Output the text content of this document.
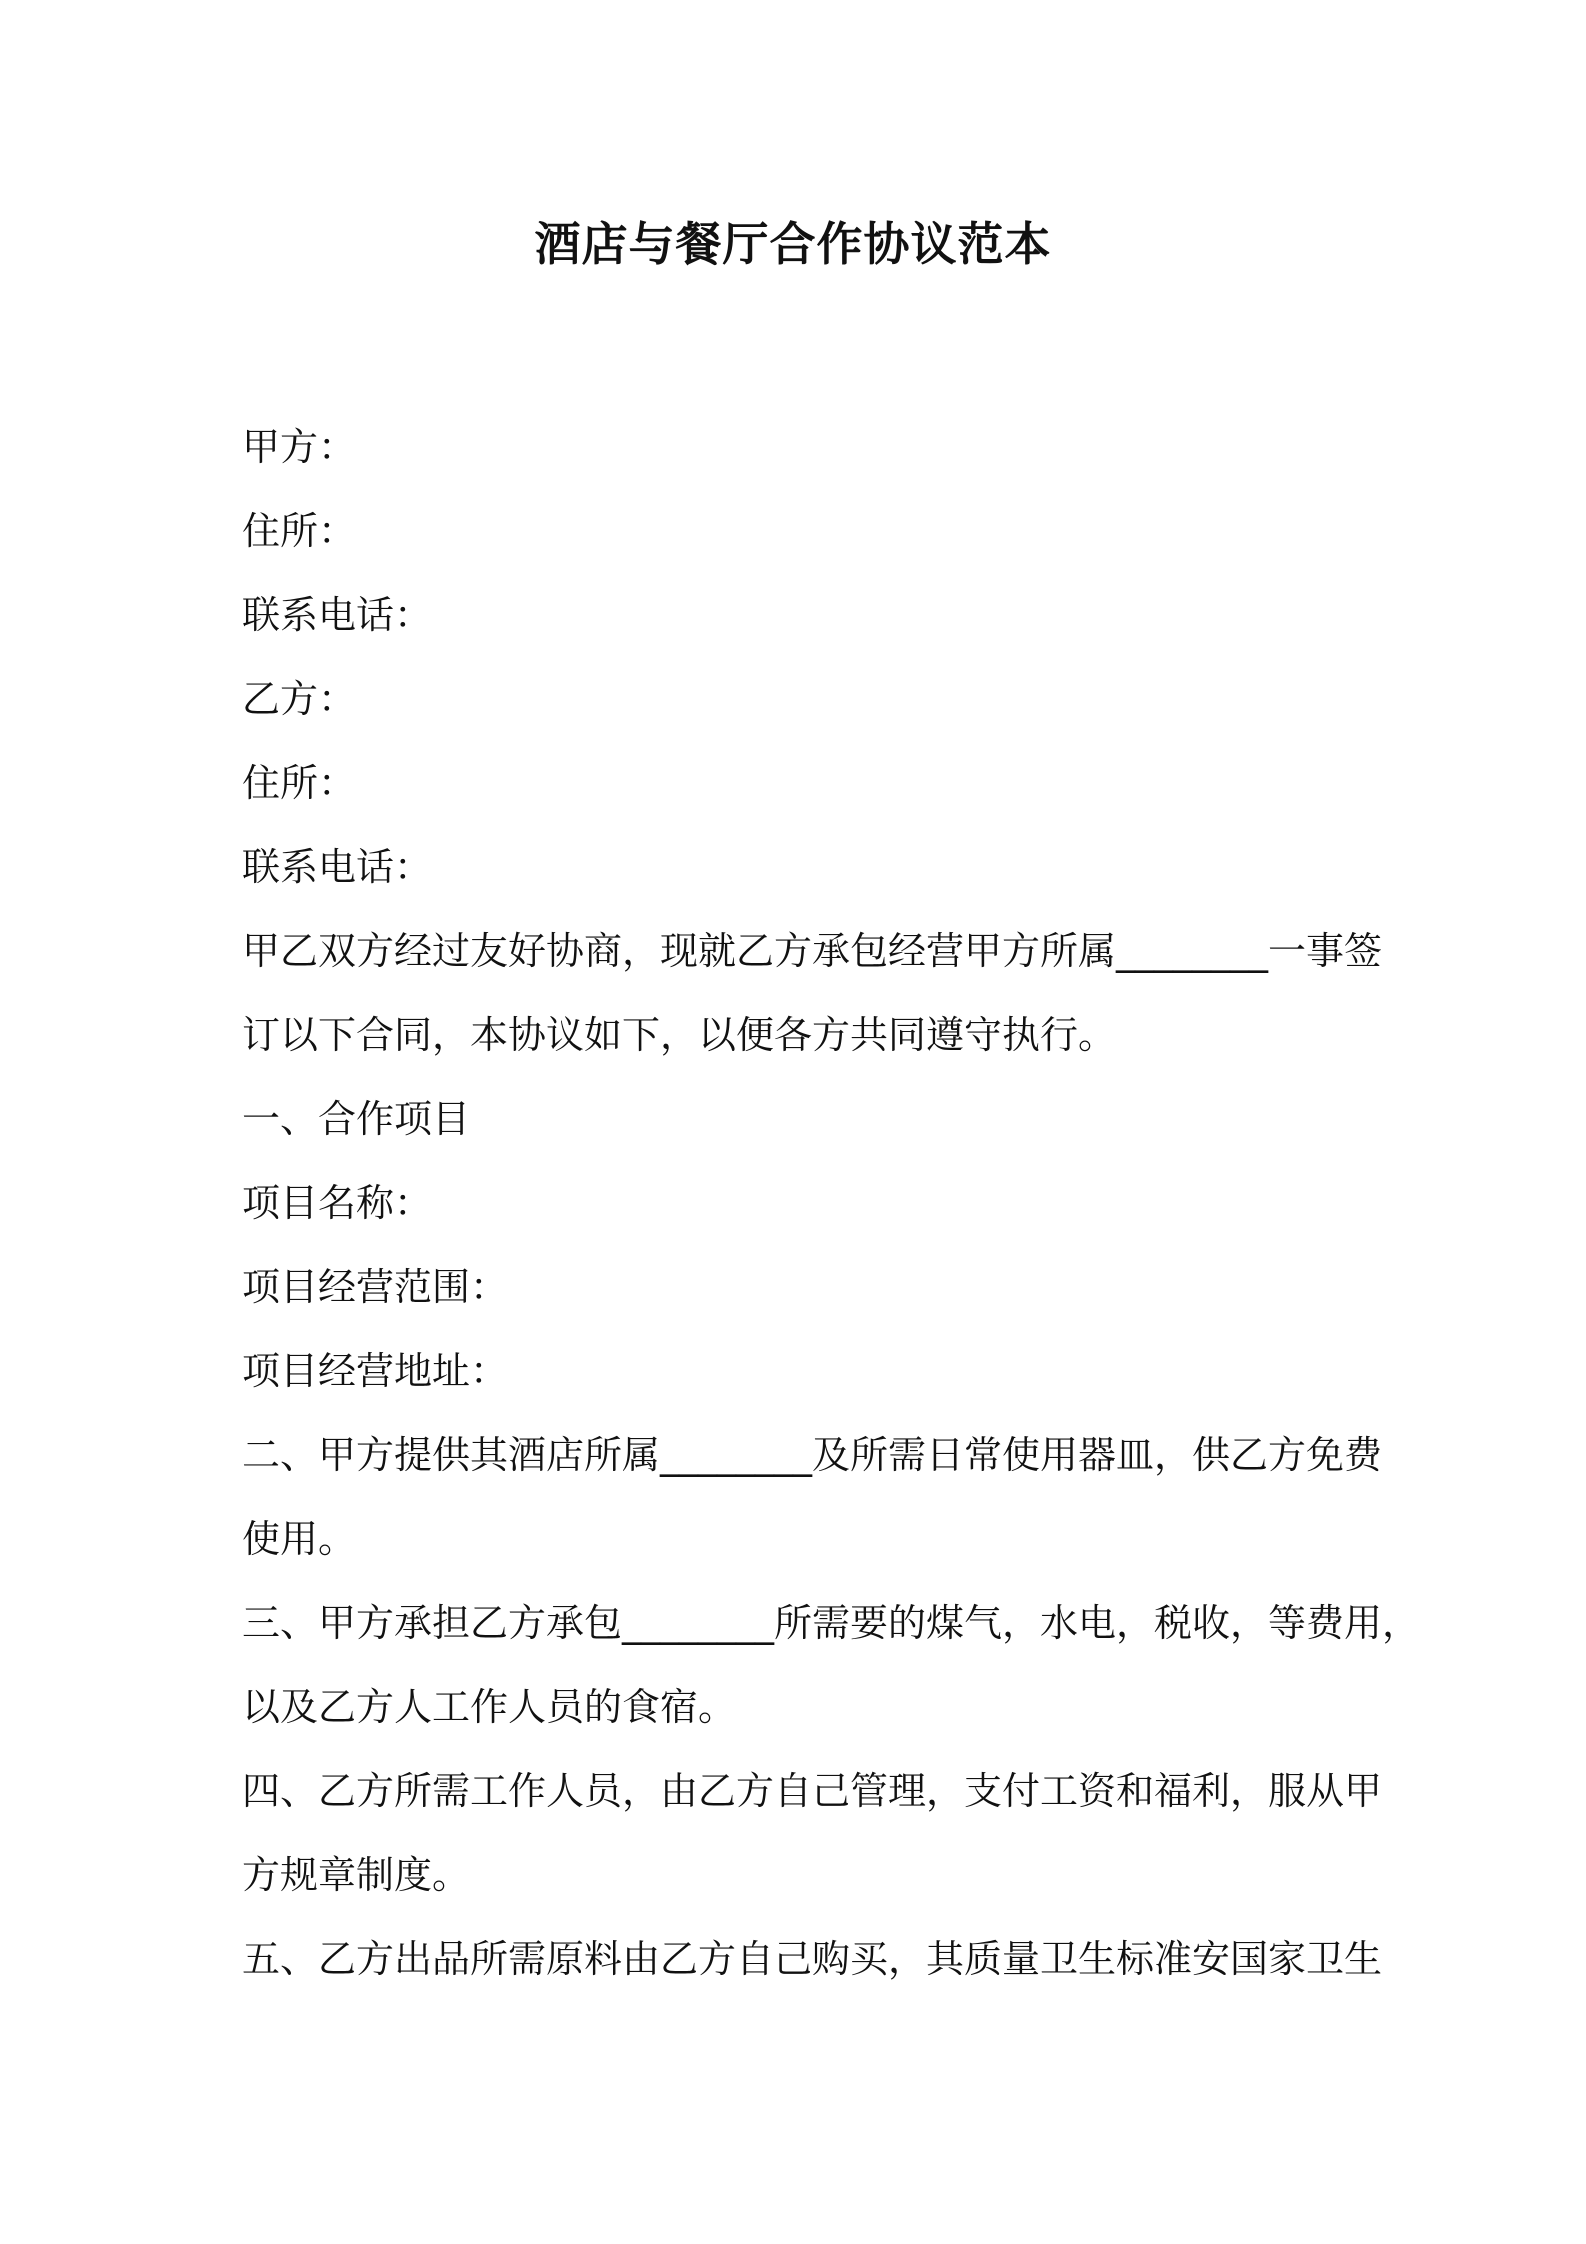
酒店与餐厅合作协议范本
甲方：
住所：
联系电话：
乙方：
住所：
联系电话：
甲乙双方经过友好协商，现就乙方承包经营甲方所属________一事签
订以下合同，本协议如下，以便各方共同遵守执行。
一、合作项目
项目名称：
项目经营范围：
项目经营地址：
二、甲方提供其酒店所属________及所需日常使用器皿，供乙方免费
使用。
三、甲方承担乙方承包________所需要的煤气，水电，税收，等费用，
以及乙方人工作人员的食宿。
四、乙方所需工作人员，由乙方自己管理，支付工资和福利，服从甲
方规章制度。
五、乙方出品所需原料由乙方自己购买，其质量卫生标准安国家卫生
